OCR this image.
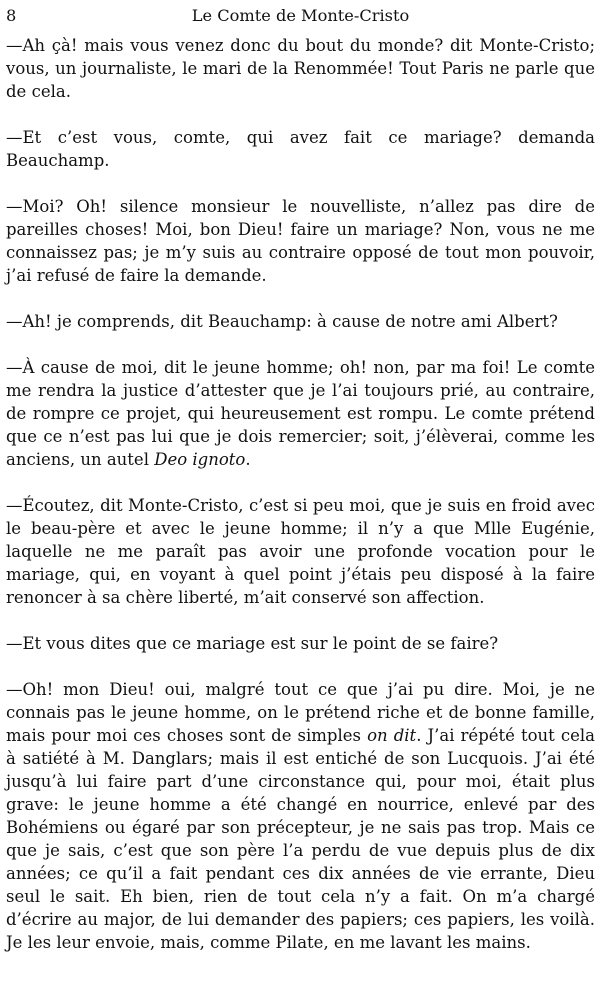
8	Le Comte de Monte-Cristo

—Ah çà! mais vous venez donc du bout du monde? dit Monte-Cristo; vous, un journaliste, le mari de la Renommée! Tout Paris ne parle que de cela.

—Et c’est vous, comte, qui avez fait ce mariage? demanda Beauchamp.

—Moi? Oh! silence monsieur le nouvelliste, n’allez pas dire de pareilles choses! Moi, bon Dieu! faire un mariage? Non, vous ne me connaissez pas; je m’y suis au contraire opposé de tout mon pouvoir, j’ai refusé de faire la demande.

—Ah! je comprends, dit Beauchamp: à cause de notre ami Albert?

—À cause de moi, dit le jeune homme; oh! non, par ma foi! Le comte me rendra la justice d’attester que je l’ai toujours prié, au contraire, de rompre ce projet, qui heureusement est rompu. Le comte prétend que ce n’est pas lui que je dois remercier; soit, j’élèverai, comme les anciens, un autel Deo ignoto.

—Écoutez, dit Monte-Cristo, c’est si peu moi, que je suis en froid avec le beau-père et avec le jeune homme; il n’y a que Mlle Eugénie, laquelle ne me paraît pas avoir une profonde vocation pour le mariage, qui, en voyant à quel point j’étais peu disposé à la faire renoncer à sa chère liberté, m’ait conservé son affection.

—Et vous dites que ce mariage est sur le point de se faire?

—Oh! mon Dieu! oui, malgré tout ce que j’ai pu dire. Moi, je ne connais pas le jeune homme, on le prétend riche et de bonne famille, mais pour moi ces choses sont de simples on dit. J’ai répété tout cela à satiété à M. Danglars; mais il est entiché de son Lucquois. J’ai été jusqu’à lui faire part d’une circonstance qui, pour moi, était plus grave: le jeune homme a été changé en nourrice, enlevé par des Bohémiens ou égaré par son précepteur, je ne sais pas trop. Mais ce que je sais, c’est que son père l’a perdu de vue depuis plus de dix années; ce qu’il a fait pendant ces dix années de vie errante, Dieu seul le sait. Eh bien, rien de tout cela n’y a fait. On m’a chargé d’écrire au major, de lui demander des papiers; ces papiers, les voilà. Je les leur envoie, mais, comme Pilate, en me lavant les mains.
